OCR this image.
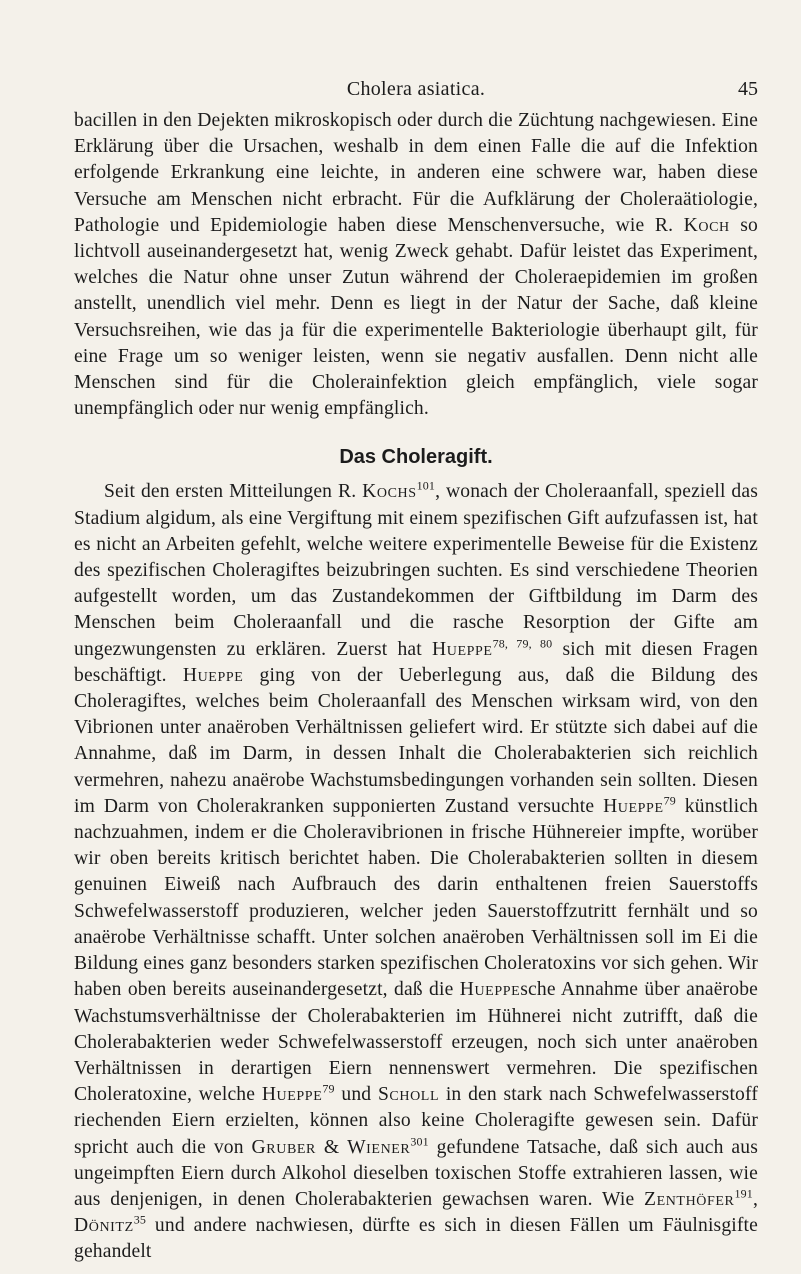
Cholera asiatica.	45

bacillen in den Dejekten mikroskopisch oder durch die Züchtung nachgewiesen. Eine Erklärung über die Ursachen, weshalb in dem einen Falle die auf die Infektion erfolgende Erkrankung eine leichte, in anderen eine schwere war, haben diese Versuche am Menschen nicht erbracht. Für die Aufklärung der Choleraätiologie, Pathologie und Epidemiologie haben diese Menschenversuche, wie R. Koch so lichtvoll auseinandergesetzt hat, wenig Zweck gehabt. Dafür leistet das Experiment, welches die Natur ohne unser Zutun während der Choleraepidemien im großen anstellt, unendlich viel mehr. Denn es liegt in der Natur der Sache, daß kleine Versuchsreihen, wie das ja für die experimentelle Bakteriologie überhaupt gilt, für eine Frage um so weniger leisten, wenn sie negativ ausfallen. Denn nicht alle Menschen sind für die Cholerainfektion gleich empfänglich, viele sogar unempfänglich oder nur wenig empfänglich.

Das Choleragift.

Seit den ersten Mitteilungen R. Kochs$^{101}$, wonach der Choleraanfall, speziell das Stadium algidum, als eine Vergiftung mit einem spezifischen Gift aufzufassen ist, hat es nicht an Arbeiten gefehlt, welche weitere experimentelle Beweise für die Existenz des spezifischen Choleragiftes beizubringen suchten. Es sind verschiedene Theorien aufgestellt worden, um das Zustandekommen der Giftbildung im Darm des Menschen beim Choleraanfall und die rasche Resorption der Gifte am ungezwungensten zu erklären. Zuerst hat Hueppe$^{78, 79, 80}$ sich mit diesen Fragen beschäftigt. Hueppe ging von der Ueberlegung aus, daß die Bildung des Choleragiftes, welches beim Choleraanfall des Menschen wirksam wird, von den Vibrionen unter anaëroben Verhältnissen geliefert wird. Er stützte sich dabei auf die Annahme, daß im Darm, in dessen Inhalt die Cholerabakterien sich reichlich vermehren, nahezu anaërobe Wachstumsbedingungen vorhanden sein sollten. Diesen im Darm von Cholerakranken supponierten Zustand versuchte Hueppe$^{79}$ künstlich nachzuahmen, indem er die Choleravibrionen in frische Hühnereier impfte, worüber wir oben bereits kritisch berichtet haben. Die Cholerabakterien sollten in diesem genuinen Eiweiß nach Aufbrauch des darin enthaltenen freien Sauerstoffs Schwefelwasserstoff produzieren, welcher jeden Sauerstoffzutritt fernhält und so anaërobe Verhältnisse schafft. Unter solchen anaëroben Verhältnissen soll im Ei die Bildung eines ganz besonders starken spezifischen Choleratoxins vor sich gehen. Wir haben oben bereits auseinandergesetzt, daß die Hueppesche Annahme über anaërobe Wachstumsverhältnisse der Cholerabakterien im Hühnerei nicht zutrifft, daß die Cholerabakterien weder Schwefelwasserstoff erzeugen, noch sich unter anaëroben Verhältnissen in derartigen Eiern nennenswert vermehren. Die spezifischen Choleratoxine, welche Hueppe$^{79}$ und Scholl in den stark nach Schwefelwasserstoff riechenden Eiern erzielten, können also keine Choleragifte gewesen sein. Dafür spricht auch die von Gruber & Wiener$^{301}$ gefundene Tatsache, daß sich auch aus ungeimpften Eiern durch Alkohol dieselben toxischen Stoffe extrahieren lassen, wie aus denjenigen, in denen Cholerabakterien gewachsen waren. Wie Zenthöfer$^{191}$, Dönitz$^{35}$ und andere nachwiesen, dürfte es sich in diesen Fällen um Fäulnisgifte gehandelt
